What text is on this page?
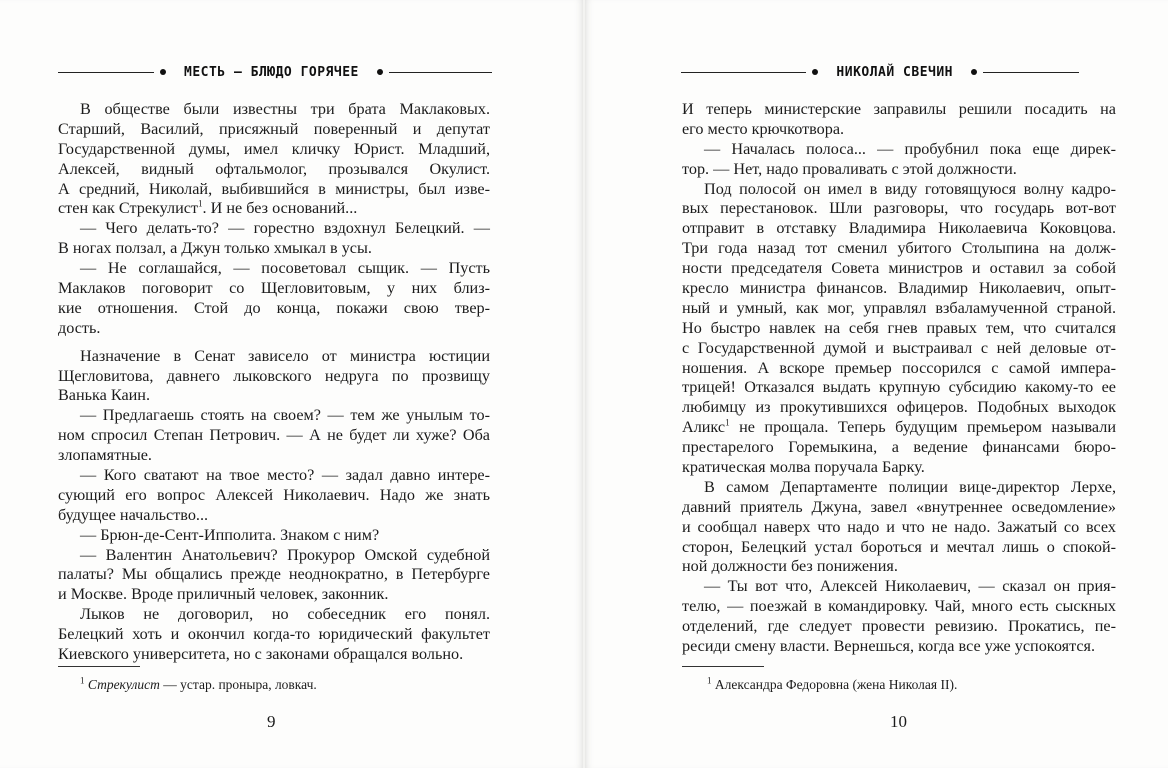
МЕСТЬ — БЛЮДО ГОРЯЧЕЕ
В обществе были известны три брата Маклаковых.
Старший, Василий, присяжный поверенный и депутат
Государственной думы, имел кличку Юрист. Младший,
Алексей, видный офтальмолог, прозывался Окулист.
А средний, Николай, выбившийся в министры, был изве-
стен как Стрекулист$^1$. И не без оснований...
— Чего делать-то? — горестно вздохнул Белецкий. —
В ногах ползал, а Джун только хмыкал в усы.
— Не соглашайся, — посоветовал сыщик. — Пусть
Маклаков поговорит со Щегловитовым, у них близ-
кие отношения. Стой до конца, покажи свою твер-
дость.
Назначение в Сенат зависело от министра юстиции
Щегловитова, давнего лыковского недруга по прозвищу
Ванька Каин.
— Предлагаешь стоять на своем? — тем же унылым то-
ном спросил Степан Петрович. — А не будет ли хуже? Оба
злопамятные.
— Кого сватают на твое место? — задал давно интере-
сующий его вопрос Алексей Николаевич. Надо же знать
будущее начальство...
— Брюн-де-Сент-Ипполита. Знаком с ним?
— Валентин Анатольевич? Прокурор Омской судебной
палаты? Мы общались прежде неоднократно, в Петербурге
и Москве. Вроде приличный человек, законник.
Лыков не договорил, но собеседник его понял.
Белецкий хоть и окончил когда-то юридический факультет
Киевского университета, но с законами обращался вольно.
$^1$ Стрекулист — устар. пронырa, ловкач.
9
НИКОЛАЙ СВЕЧИН
И теперь министерские заправилы решили посадить на
его место крючкотвора.
— Началась полоса... — пробубнил пока еще дирек-
тор. — Нет, надо проваливать с этой должности.
Под полосой он имел в виду готовящуюся волну кадро-
вых перестановок. Шли разговоры, что государь вот-вот
отправит в отставку Владимира Николаевича Коковцова.
Три года назад тот сменил убитого Столыпина на долж-
ности председателя Совета министров и оставил за собой
кресло министра финансов. Владимир Николаевич, опыт-
ный и умный, как мог, управлял взбаламученной страной.
Но быстро навлек на себя гнев правых тем, что считался
с Государственной думой и выстраивал с ней деловые от-
ношения. А вскоре премьер поссорился с самой импера-
трицей! Отказался выдать крупную субсидию какому-то ее
любимцу из прокутившихся офицеров. Подобных выходок
Аликс$^1$ не прощала. Теперь будущим премьером называли
престарелого Горемыкина, а ведение финансами бюро-
кратическая молва поручала Барку.
В самом Департаменте полиции вице-директор Лерхе,
давний приятель Джуна, завел «внутреннее осведомление»
и сообщал наверх что надо и что не надо. Зажатый со всех
сторон, Белецкий устал бороться и мечтал лишь о спокой-
ной должности без понижения.
— Ты вот что, Алексей Николаевич, — сказал он прия-
телю, — поезжай в командировку. Чай, много есть сыскных
отделений, где следует провести ревизию. Прокатись, пе-
ресиди смену власти. Вернешься, когда все уже успокоятся.
$^1$ Александра Федоровна (жена Николая II).
10
